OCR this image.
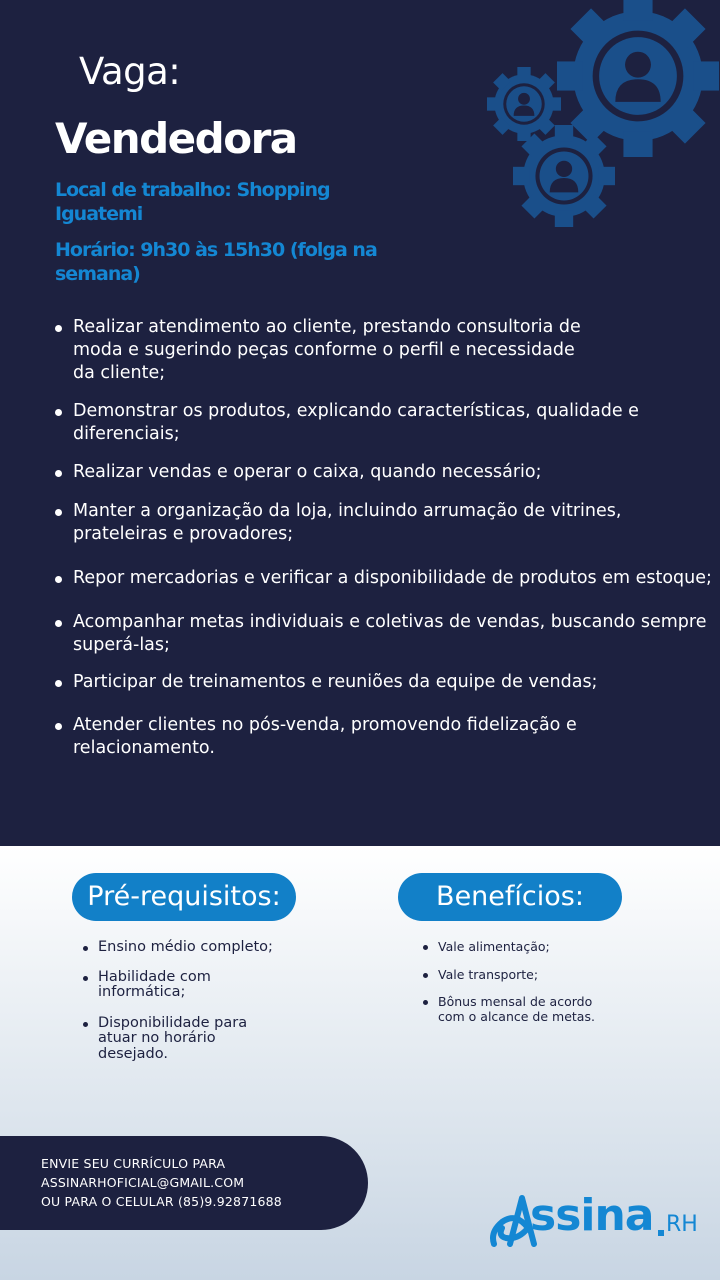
Vaga:
Vendedora
Local de trabalho: Shopping Iguatemi
Horário: 9h30 às 15h30 (folga na semana)
Realizar atendimento ao cliente, prestando consultoria de moda e sugerindo peças conforme o perfil e necessidade da cliente;
Demonstrar os produtos, explicando características, qualidade e diferenciais;
Realizar vendas e operar o caixa, quando necessário;
Manter a organização da loja, incluindo arrumação de vitrines, prateleiras e provadores;
Repor mercadorias e verificar a disponibilidade de produtos em estoque;
Acompanhar metas individuais e coletivas de vendas, buscando sempre superá-las;
Participar de treinamentos e reuniões da equipe de vendas;
Atender clientes no pós-venda, promovendo fidelização e relacionamento.
Pré-requisitos:	Benefícios:
Ensino médio completo;
Habilidade com informática;
Disponibilidade para atuar no horário desejado.
Vale alimentação;
Vale transporte;
Bônus mensal de acordo com o alcance de metas.
ENVIE SEU CURRÍCULO PARA
ASSINARHOFICIAL@GMAIL.COM
OU PARA O CELULAR (85)9.92871688	ssina RH
